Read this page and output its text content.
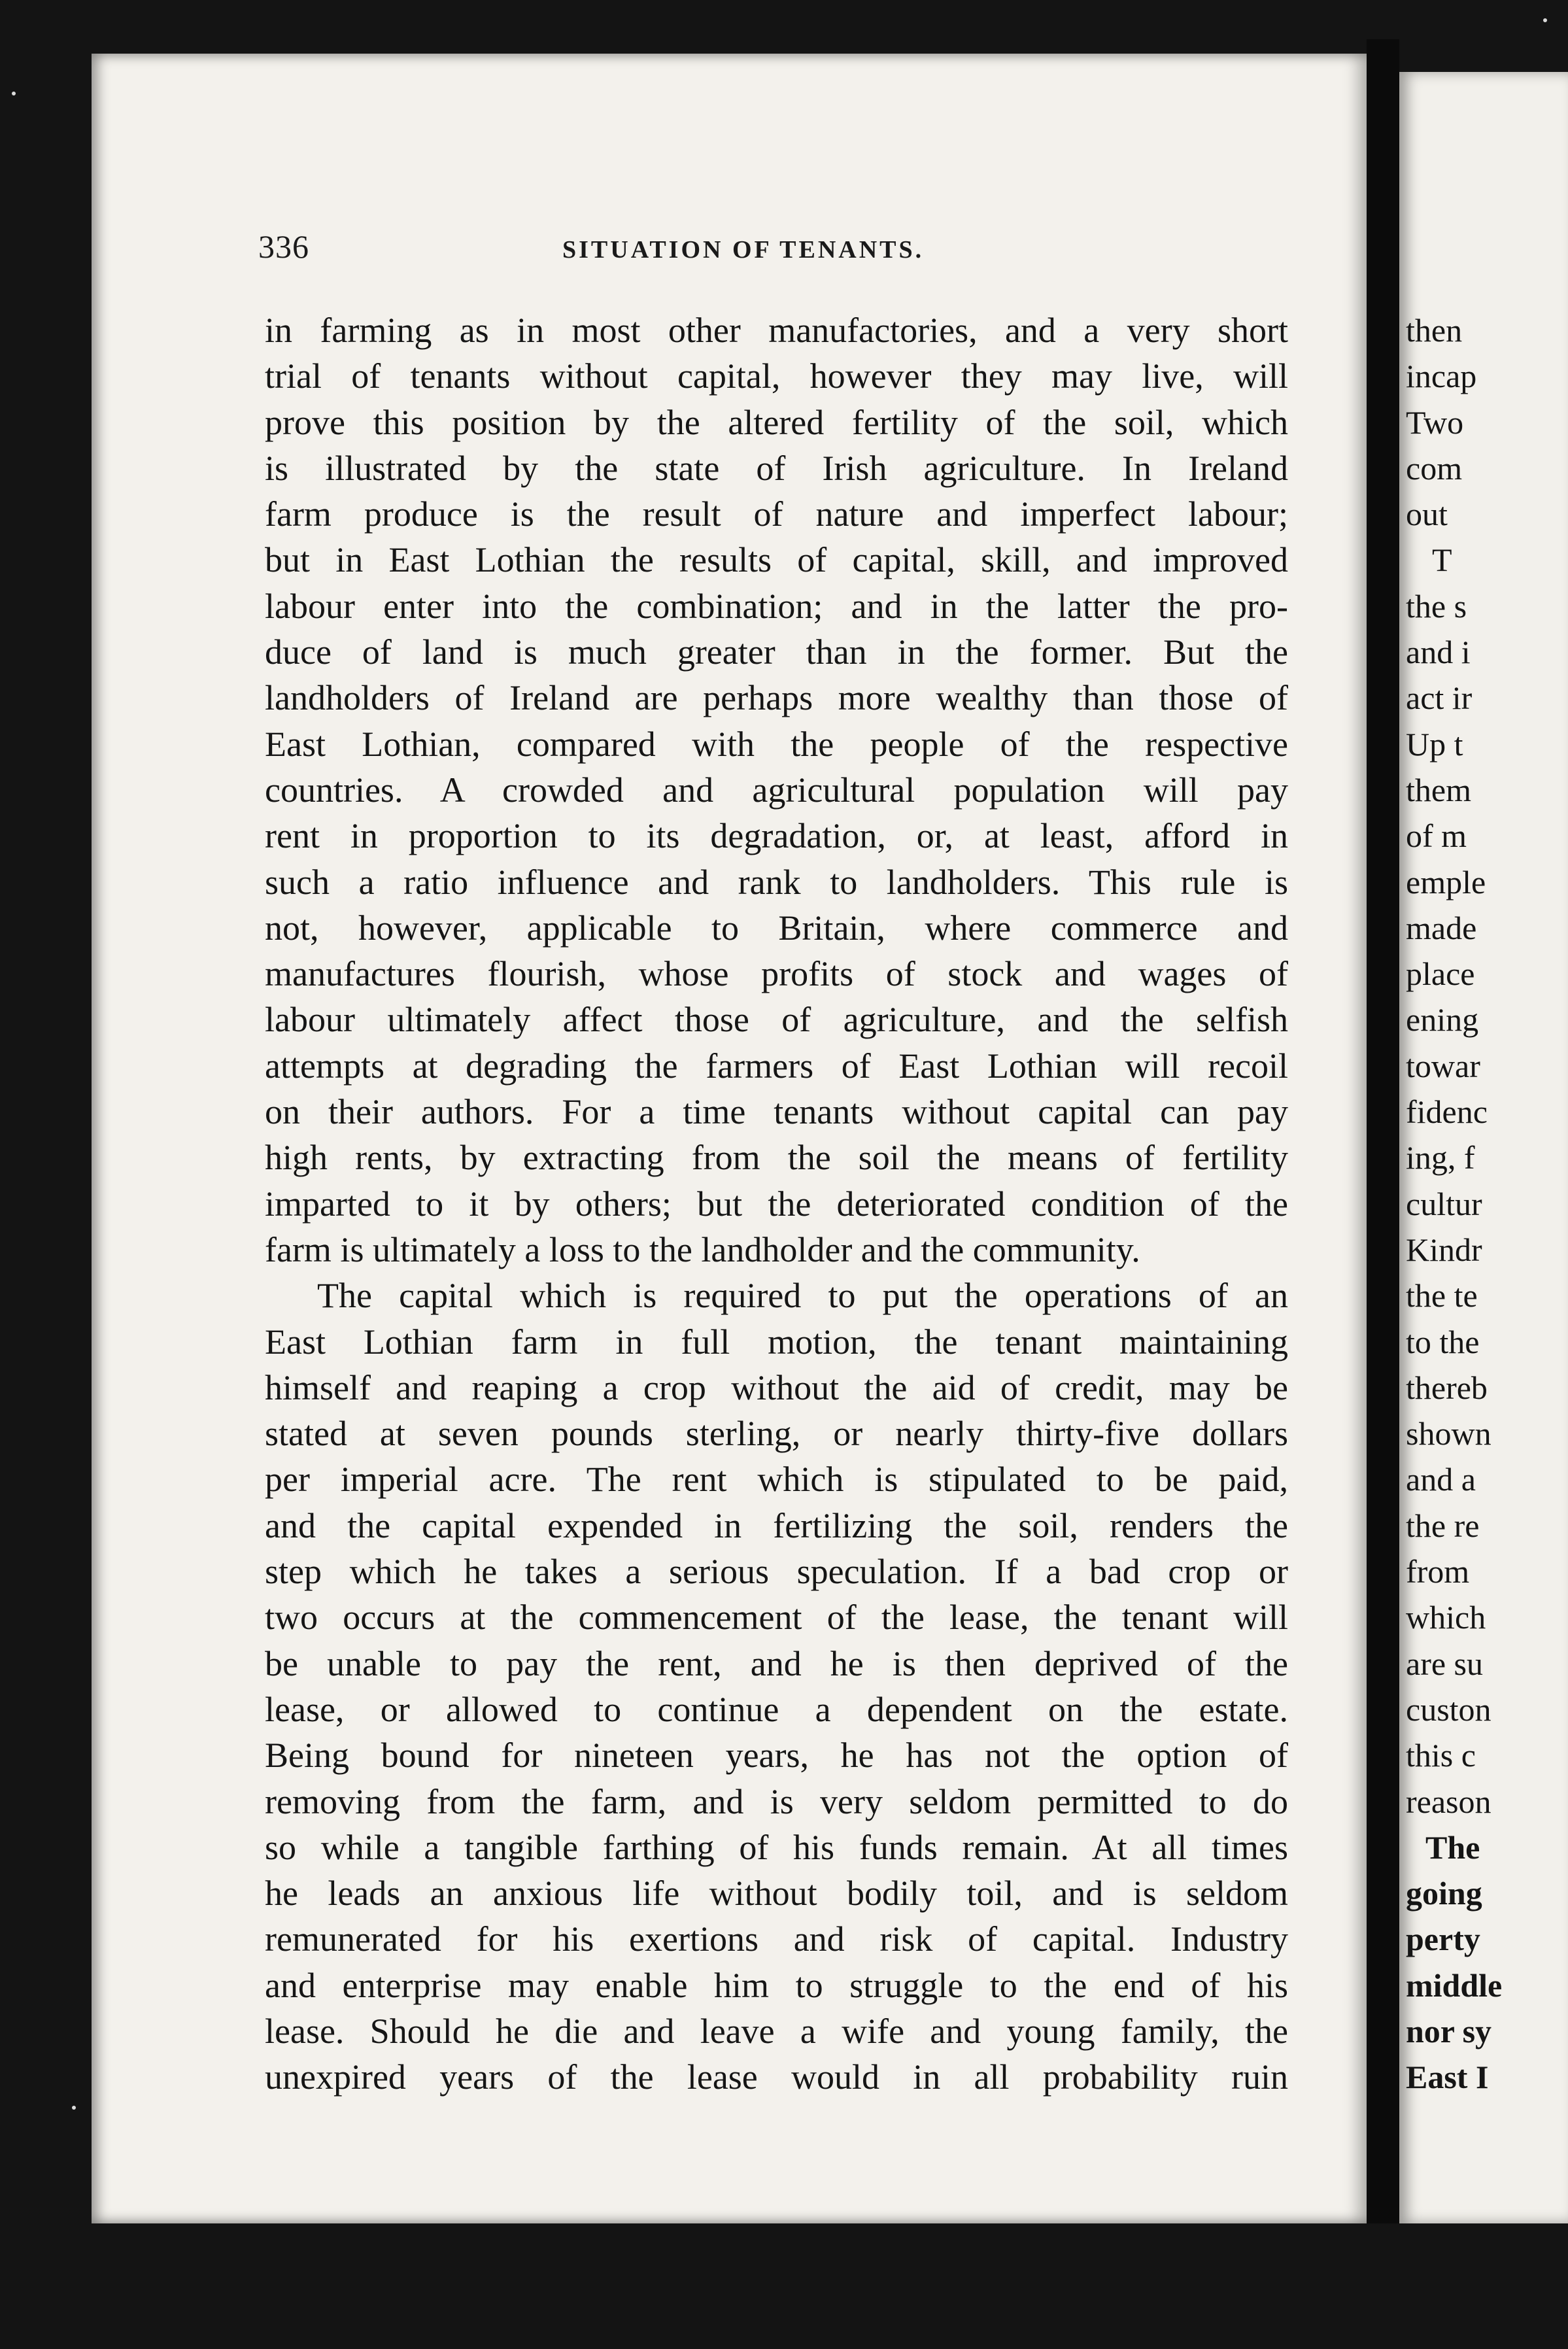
336	SITUATION OF TENANTS.
in farming as in most other manufactories, and a very short
trial of tenants without capital, however they may live, will
prove this position by the altered fertility of the soil, which
is illustrated by the state of Irish agriculture. In Ireland
farm produce is the result of nature and imperfect labour;
but in East Lothian the results of capital, skill, and improved
labour enter into the combination; and in the latter the pro-
duce of land is much greater than in the former. But the
landholders of Ireland are perhaps more wealthy than those of
East Lothian, compared with the people of the respective
countries. A crowded and agricultural population will pay
rent in proportion to its degradation, or, at least, afford in
such a ratio influence and rank to landholders. This rule is
not, however, applicable to Britain, where commerce and
manufactures flourish, whose profits of stock and wages of
labour ultimately affect those of agriculture, and the selfish
attempts at degrading the farmers of East Lothian will recoil
on their authors. For a time tenants without capital can pay
high rents, by extracting from the soil the means of fertility
imparted to it by others; but the deteriorated condition of the
farm is ultimately a loss to the landholder and the community.
The capital which is required to put the operations of an
East Lothian farm in full motion, the tenant maintaining
himself and reaping a crop without the aid of credit, may be
stated at seven pounds sterling, or nearly thirty-five dollars
per imperial acre. The rent which is stipulated to be paid,
and the capital expended in fertilizing the soil, renders the
step which he takes a serious speculation. If a bad crop or
two occurs at the commencement of the lease, the tenant will
be unable to pay the rent, and he is then deprived of the
lease, or allowed to continue a dependent on the estate.
Being bound for nineteen years, he has not the option of
removing from the farm, and is very seldom permitted to do
so while a tangible farthing of his funds remain. At all times
he leads an anxious life without bodily toil, and is seldom
remunerated for his exertions and risk of capital. Industry
and enterprise may enable him to struggle to the end of his
lease. Should he die and leave a wife and young family, the
unexpired years of the lease would in all probability ruin
then
incap
Two
com
out
T
the s
and i
act ir
Up t
them
of m
emple
made
place
ening
towar
fidenc
ing, f
cultur
Kindr
the te
to the
thereb
shown
and a
the re
from
which
are su
custon
this c
reason
The
going
perty
middle
nor sy
East I
